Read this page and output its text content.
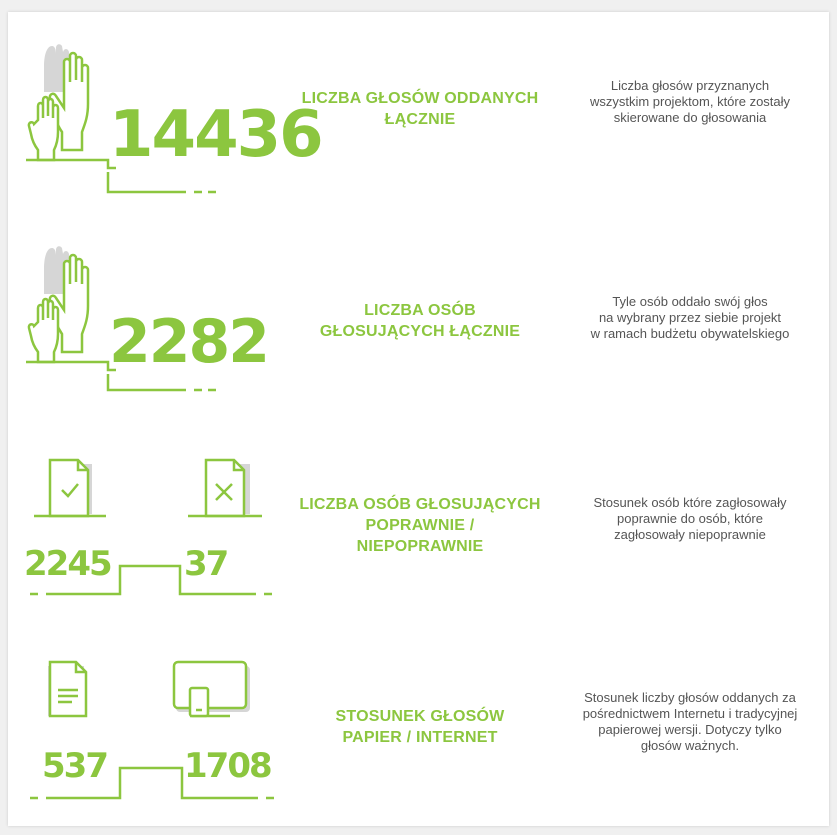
14436
LICZBA GŁOSÓW ODDANYCH
ŁĄCZNIE
Liczba głosów przyznanych
wszystkim projektom, które zostały
skierowane do głosowania
2282	LICZBA OSÓB
GŁOSUJĄCYCH ŁĄCZNIE
Tyle osób oddało swój głos
na wybrany przez siebie projekt
w ramach budżetu obywatelskiego
2245 37
LICZBA OSÓB GŁOSUJĄCYCH
POPRAWNIE /
NIEPOPRAWNIE
Stosunek osób które zagłosowały
poprawnie do osób, które
zagłosowały niepoprawnie
537 1708
STOSUNEK GŁOSÓW
PAPIER / INTERNET
Stosunek liczby głosów oddanych za
pośrednictwem Internetu i tradycyjnej
papierowej wersji. Dotyczy tylko
głosów ważnych.
